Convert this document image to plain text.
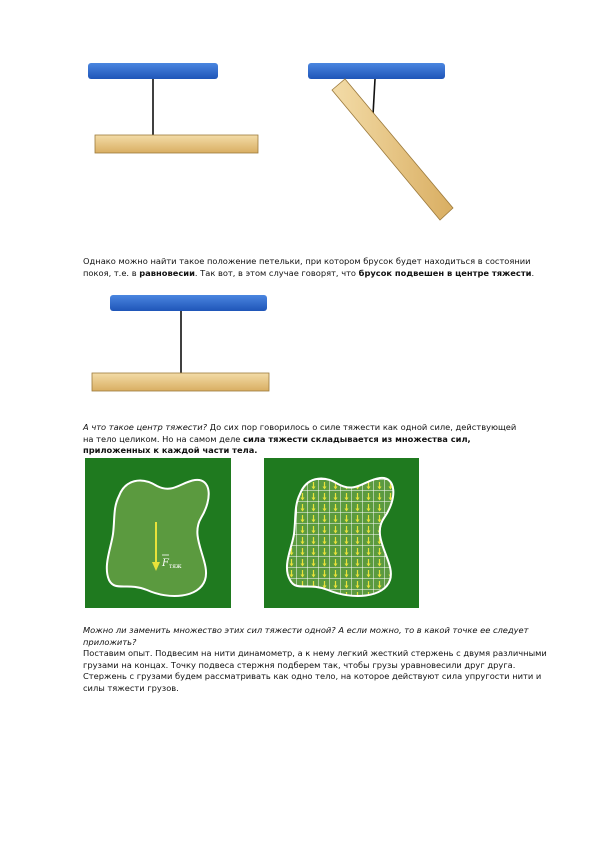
Однако можно найти такое положение петельки, при котором брусок будет находиться в состоянии покоя, т.е. в равновесии. Так вот, в этом случае говорят, что брусок подвешен в центре тяжести.

А что такое центр тяжести? До сих пор говорилось о силе тяжести как одной силе, действующей на тело целиком. Но на самом деле сила тяжести складывается из множества сил, приложенных к каждой части тела.

$F_{тяж}$

Можно ли заменить множество этих сил тяжести одной? А если можно, то в какой точке ее следует приложить?

Поставим опыт. Подвесим на нити динамометр, а к нему легкий жесткий стержень с двумя различными грузами на концах. Точку подвеса стержня подберем так, чтобы грузы уравновесили друг друга. Стержень с грузами будем рассматривать как одно тело, на которое действуют сила упругости нити и силы тяжести грузов.
